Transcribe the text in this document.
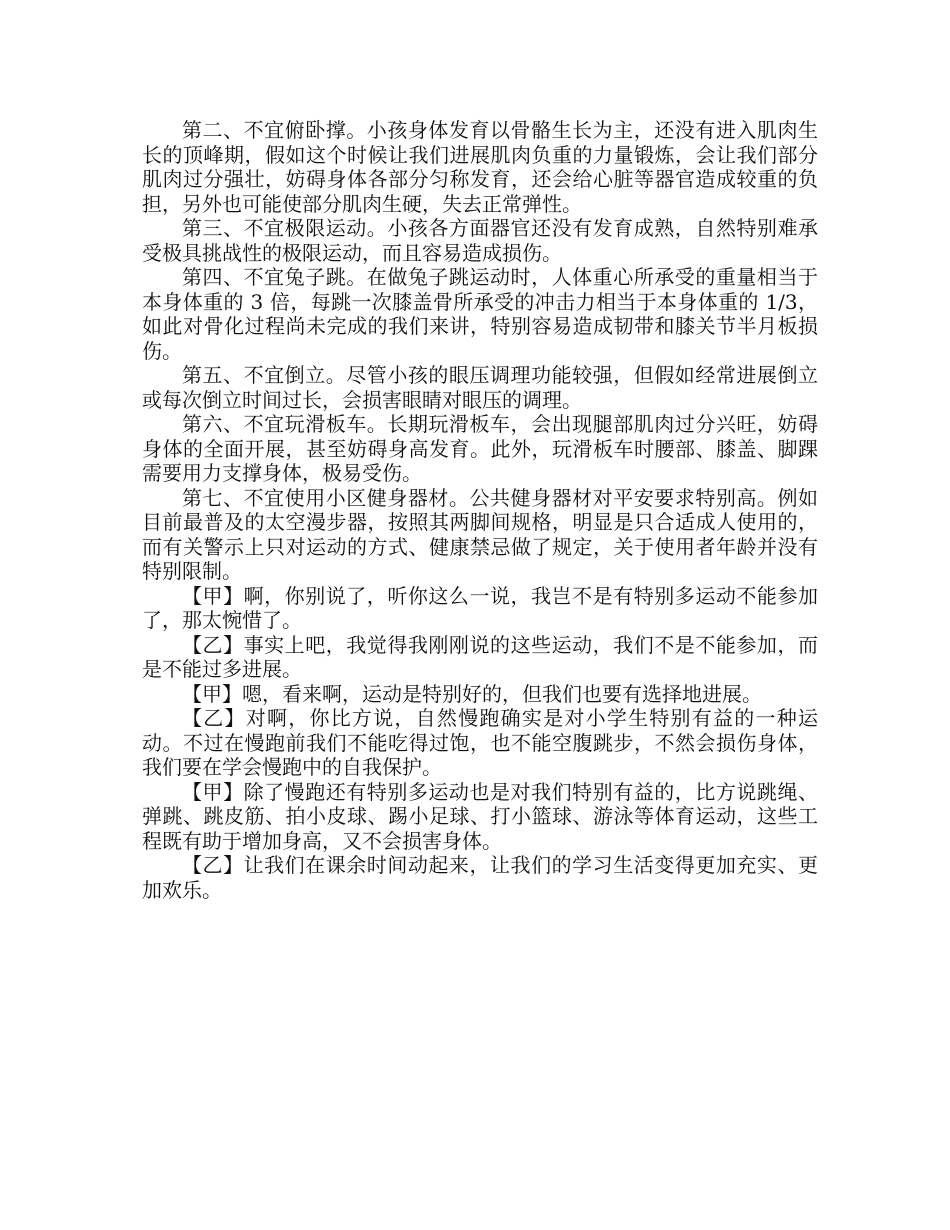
第二、不宜俯卧撑。小孩身体发育以骨骼生长为主，还没有进入肌肉生长的顶峰期，假如这个时候让我们进展肌肉负重的力量锻炼，会让我们部分肌肉过分强壮，妨碍身体各部分匀称发育，还会给心脏等器官造成较重的负担，另外也可能使部分肌肉生硬，失去正常弹性。

第三、不宜极限运动。小孩各方面器官还没有发育成熟，自然特别难承受极具挑战性的极限运动，而且容易造成损伤。

第四、不宜兔子跳。在做兔子跳运动时，人体重心所承受的重量相当于本身体重的 3 倍，每跳一次膝盖骨所承受的冲击力相当于本身体重的 1/3，如此对骨化过程尚未完成的我们来讲，特别容易造成韧带和膝关节半月板损伤。

第五、不宜倒立。尽管小孩的眼压调理功能较强，但假如经常进展倒立或每次倒立时间过长，会损害眼睛对眼压的调理。

第六、不宜玩滑板车。长期玩滑板车，会出现腿部肌肉过分兴旺，妨碍身体的全面开展，甚至妨碍身高发育。此外，玩滑板车时腰部、膝盖、脚踝需要用力支撑身体，极易受伤。

第七、不宜使用小区健身器材。公共健身器材对平安要求特别高。例如目前最普及的太空漫步器，按照其两脚间规格，明显是只合适成人使用的，而有关警示上只对运动的方式、健康禁忌做了规定，关于使用者年龄并没有特别限制。

【甲】啊，你别说了，听你这么一说，我岂不是有特别多运动不能参加了，那太惋惜了。

【乙】事实上吧，我觉得我刚刚说的这些运动，我们不是不能参加，而是不能过多进展。

【甲】嗯，看来啊，运动是特别好的，但我们也要有选择地进展。

【乙】对啊，你比方说，自然慢跑确实是对小学生特别有益的一种运动。不过在慢跑前我们不能吃得过饱，也不能空腹跳步，不然会损伤身体，我们要在学会慢跑中的自我保护。

【甲】除了慢跑还有特别多运动也是对我们特别有益的，比方说跳绳、弹跳、跳皮筋、拍小皮球、踢小足球、打小篮球、游泳等体育运动，这些工程既有助于增加身高，又不会损害身体。

【乙】让我们在课余时间动起来，让我们的学习生活变得更加充实、更加欢乐。
